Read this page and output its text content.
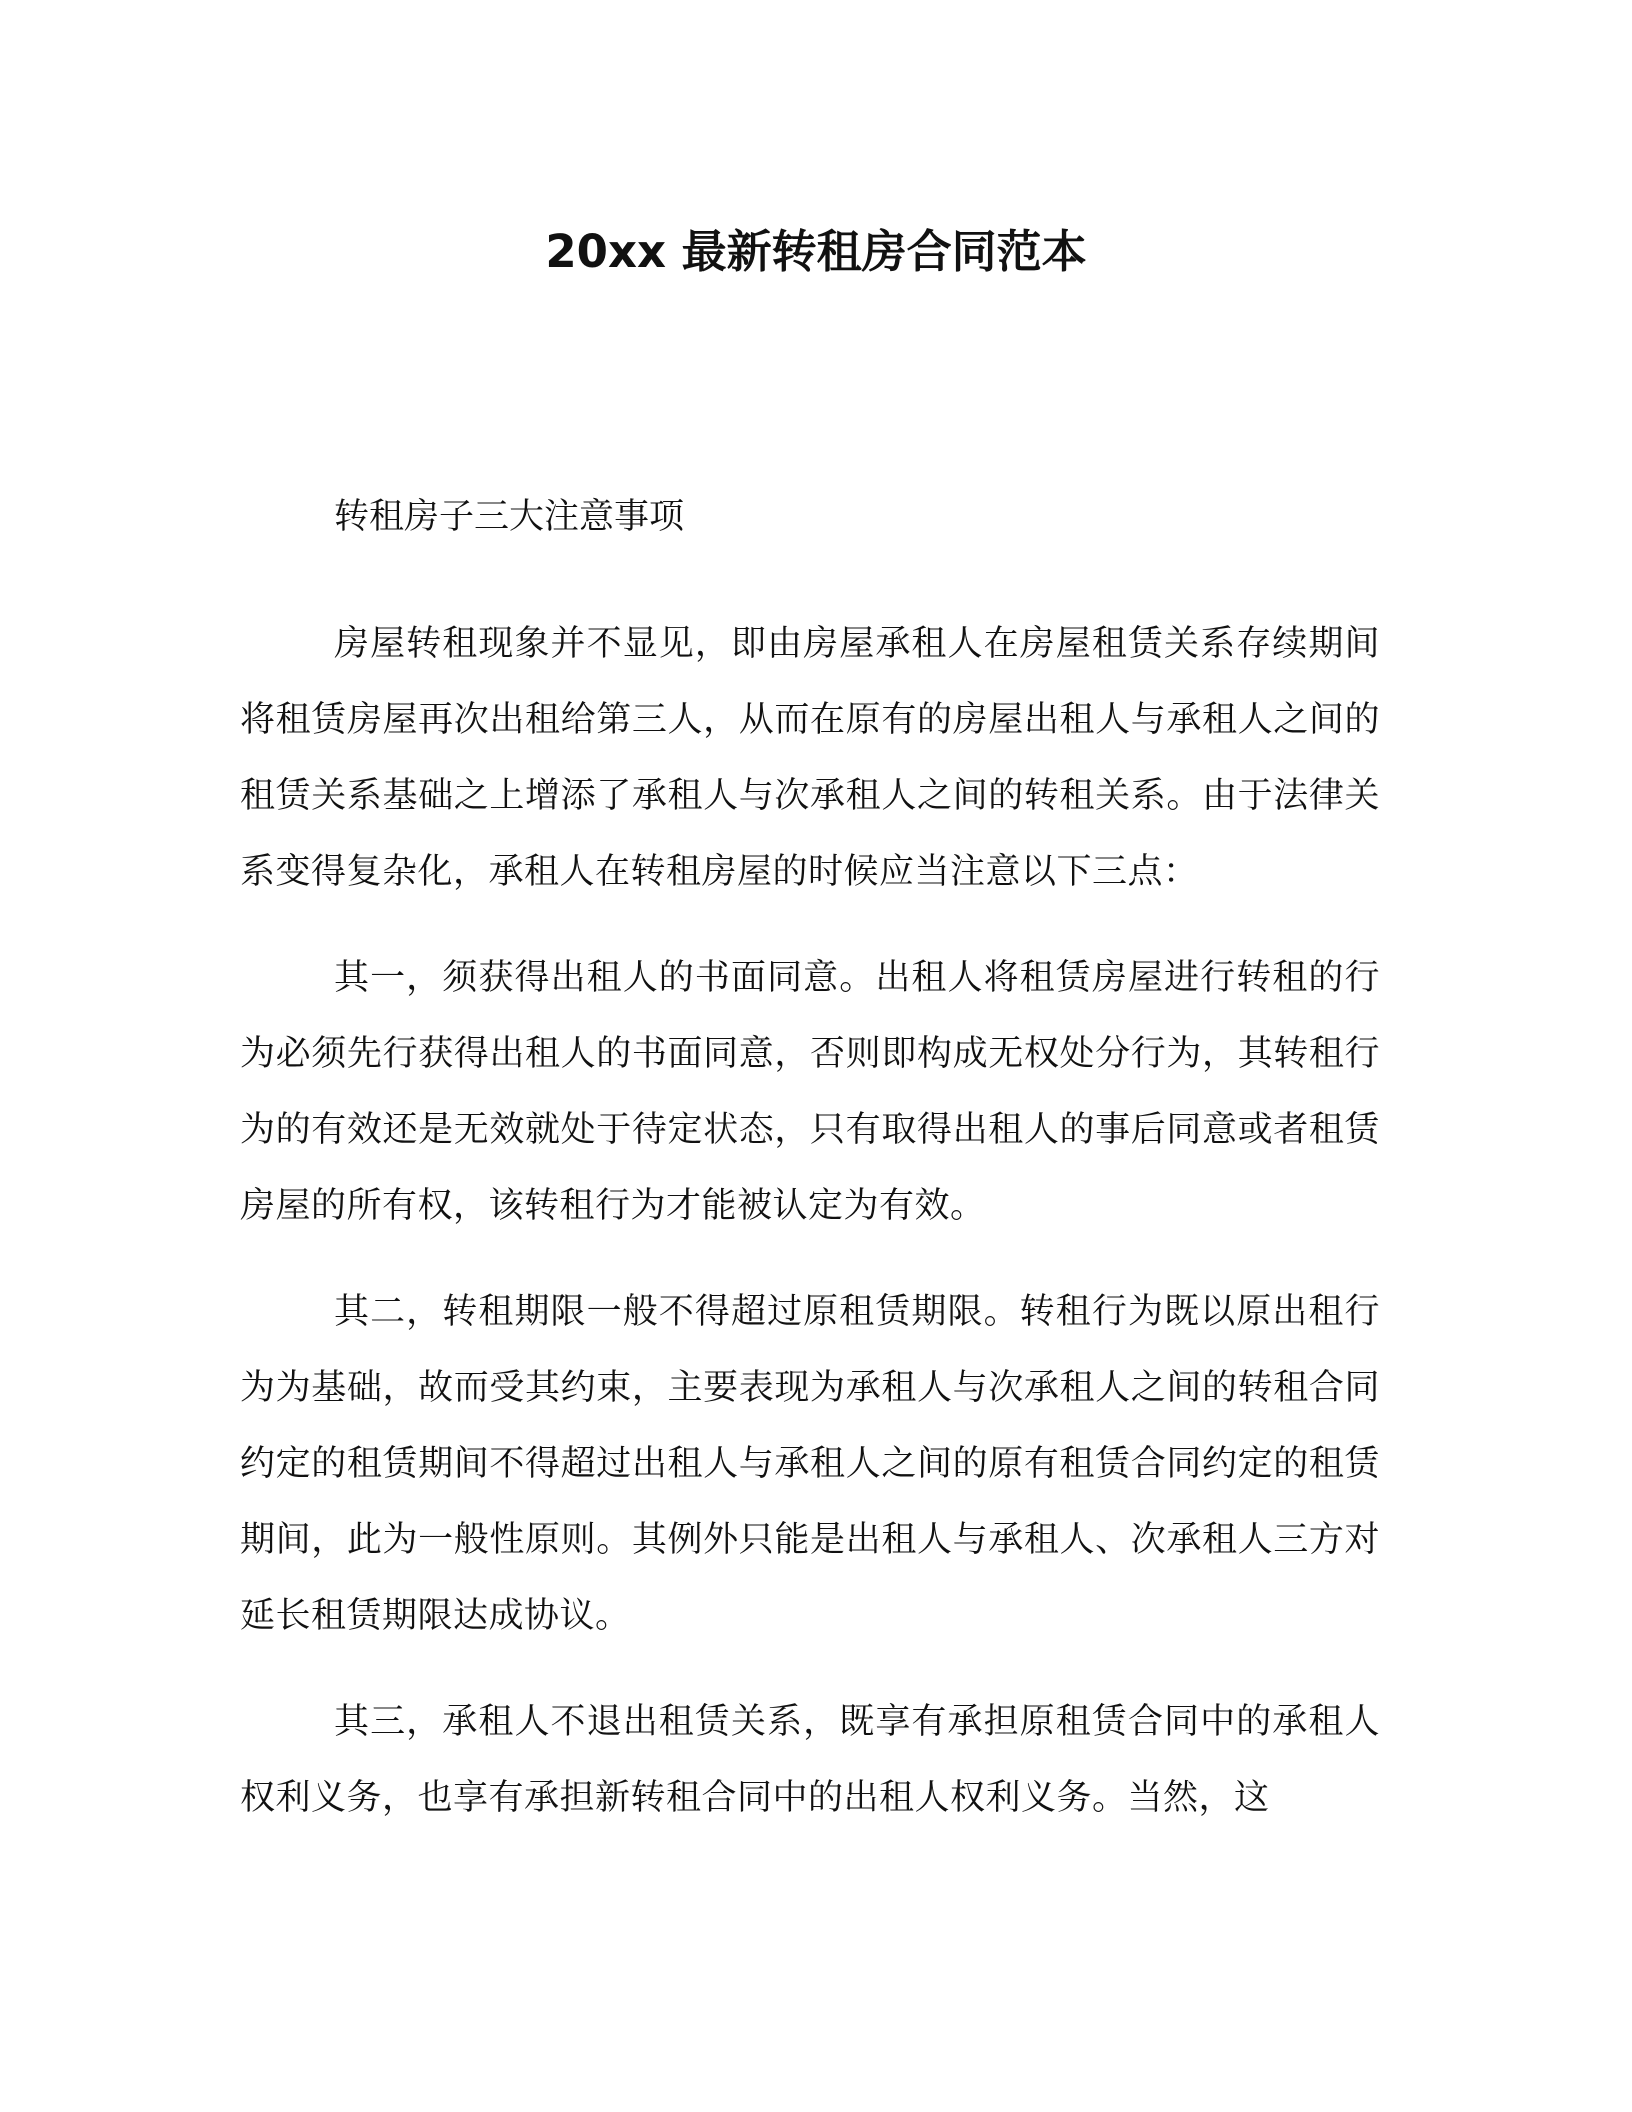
20xx 最新转租房合同范本
转租房子三大注意事项

房屋转租现象并不显见，即由房屋承租人在房屋租赁关系存续期间将租赁房屋再次出租给第三人，从而在原有的房屋出租人与承租人之间的租赁关系基础之上增添了承租人与次承租人之间的转租关系。由于法律关系变得复杂化，承租人在转租房屋的时候应当注意以下三点：

其一，须获得出租人的书面同意。出租人将租赁房屋进行转租的行为必须先行获得出租人的书面同意，否则即构成无权处分行为，其转租行为的有效还是无效就处于待定状态，只有取得出租人的事后同意或者租赁房屋的所有权，该转租行为才能被认定为有效。

其二，转租期限一般不得超过原租赁期限。转租行为既以原出租行为为基础，故而受其约束，主要表现为承租人与次承租人之间的转租合同约定的租赁期间不得超过出租人与承租人之间的原有租赁合同约定的租赁期间，此为一般性原则。其例外只能是出租人与承租人、次承租人三方对延长租赁期限达成协议。

其三，承租人不退出租赁关系，既享有承担原租赁合同中的承租人权利义务，也享有承担新转租合同中的出租人权利义务。当然，这
